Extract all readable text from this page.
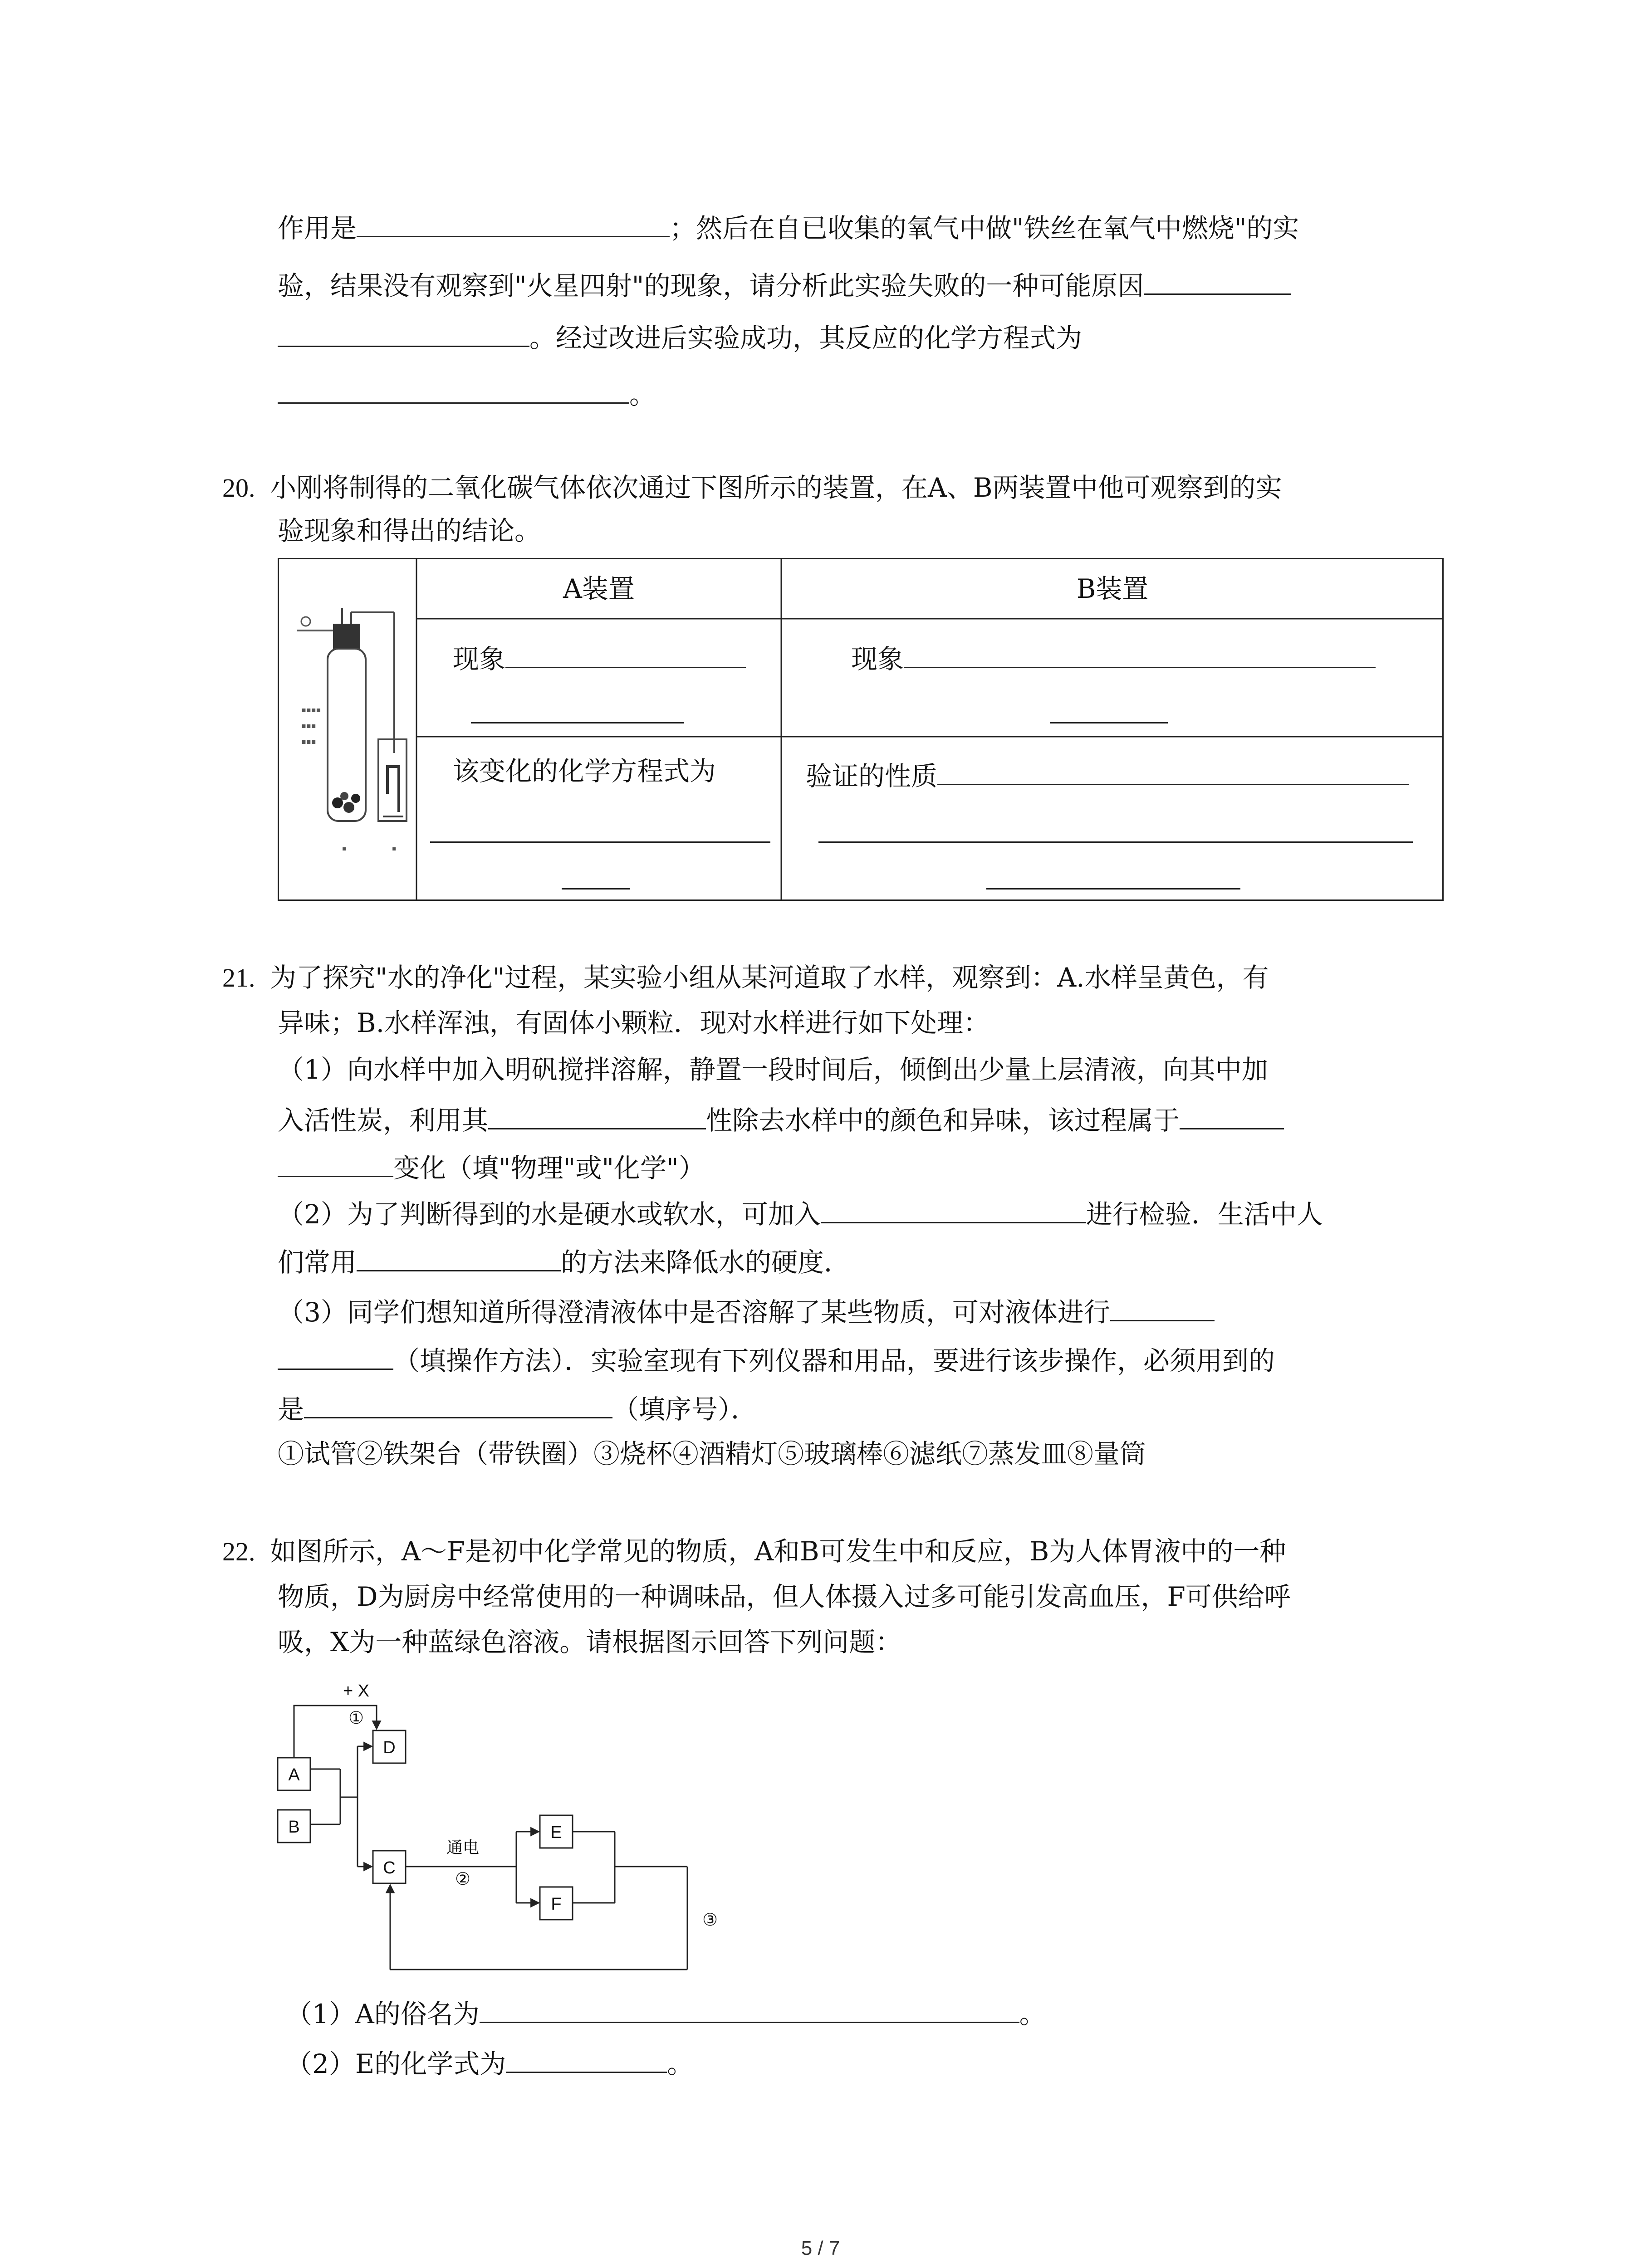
作用是	；然后在自已收集的氧气中做"铁丝在氧气中燃烧"的实
验，结果没有观察到"火星四射"的现象，请分析此实验失败的一种可能原因
。经过改进后实验成功，其反应的化学方程式为
。
20. 小刚将制得的二氧化碳气体依次通过下图所示的装置，在A、B两装置中他可观察到的实
验现象和得出的结论。
▪▪▪▪
▪▪▪
▪▪▪
▪	▪
A装置	B装置
现象	现象
该变化的化学方程式为	验证的性质
21. 为了探究"水的净化"过程，某实验小组从某河道取了水样，观察到：A.水样呈黄色，有
异味；B.水样浑浊，有固体小颗粒．现对水样进行如下处理：
（1）向水样中加入明矾搅拌溶解，静置一段时间后，倾倒出少量上层清液，向其中加
入活性炭，利用其	性除去水样中的颜色和异味，该过程属于
变化（填"物理"或"化学"）
（2）为了判断得到的水是硬水或软水，可加入	进行检验．生活中人
们常用	的方法来降低水的硬度．
（3）同学们想知道所得澄清液体中是否溶解了某些物质，可对液体进行
（填操作方法）．实验室现有下列仪器和用品，要进行该步操作，必须用到的
是	（填序号）．
①试管②铁架台（带铁圈）③烧杯④酒精灯⑤玻璃棒⑥滤纸⑦蒸发皿⑧量筒
22. 如图所示，A～F是初中化学常见的物质，A和B可发生中和反应，B为人体胃液中的一种
物质，D为厨房中经常使用的一种调味品，但人体摄入过多可能引发高血压，F可供给呼
吸，X为一种蓝绿色溶液。请根据图示回答下列问题：
A
B
D
C
E
F
+ X
①
通电
②
③
（1）A的俗名为	。
（2）E的化学式为	。
5 / 7
